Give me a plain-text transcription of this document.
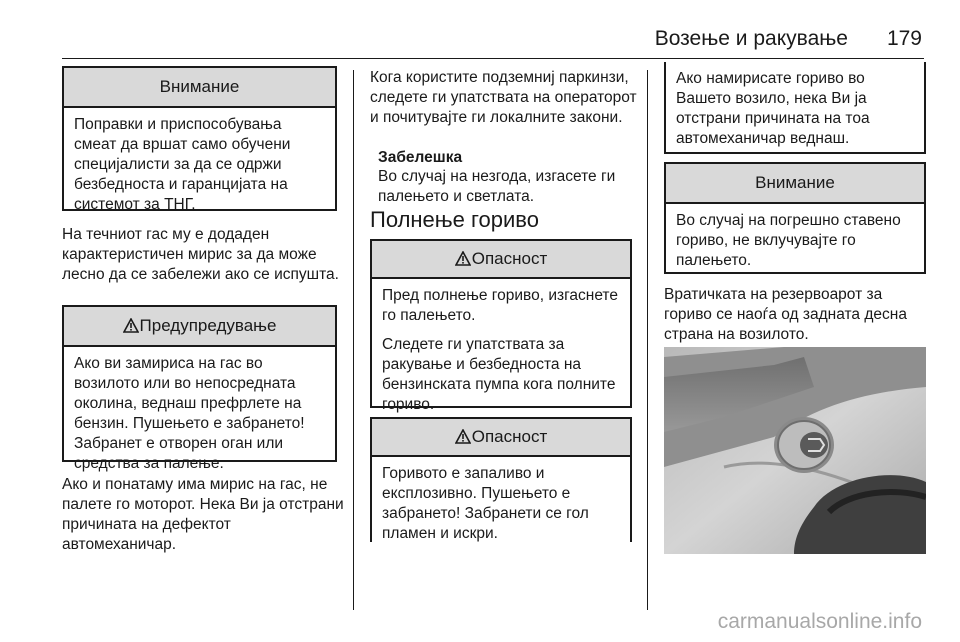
Возење и ракување 179
Внимание

Поправки и приспособувања смеат да вршат само обучени специјалисти за да се одржи безбедноста и гаранцијата на системот за ТНГ.

На течниот гас му е додаден карактеристичен мирис за да може лесно да се забележи ако се испушта.

Предупредување

Ако ви замириса на гас во возилото или во непосредната околина, веднаш префрлете на бензин. Пушењето е забрането! Забранет е отворен оган или средства за палење.

Ако и понатаму има мирис на гас, не палете го моторот. Нека Ви ја отстрани причината на дефектот автомеханичар.

Кога користите подземниј паркинзи, следете ги упатствата на операторот и почитувајте ги локалните закони.

Забелешка

Во случај на незгода, изгасете ги палењето и светлата.

Полнење гориво
Опасност

Пред полнење гориво, изгаснете го палењето.

Следете ги упатствата за ракување и безбедноста на бензинската пумпа кога полните гориво.

Опасност

Горивото е запаливо и експлозивно. Пушењето е забрането! Забранети се гол пламен и искри.

Ако намирисате гориво во Вашето возило, нека Ви ја отстрани причината на тоа автомеханичар веднаш.

Внимание

Во случај на погрешно ставено гориво, не вклучувајте го палењето.

Вратичката на резервоарот за гориво се наоѓа од задната десна страна на возилото.

carmanualsonline.info
